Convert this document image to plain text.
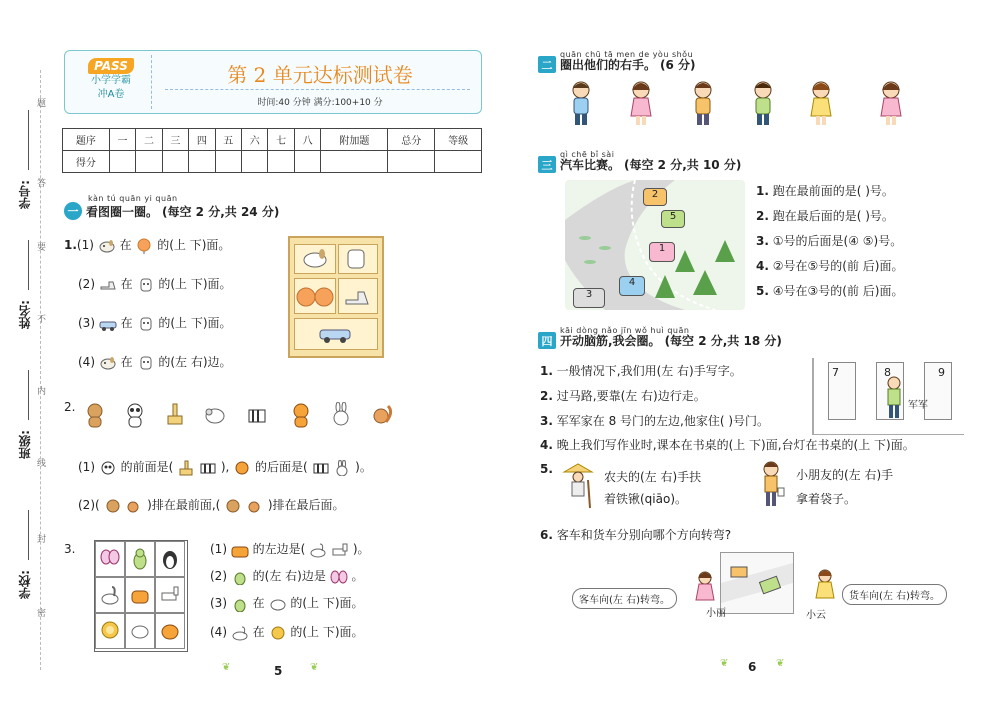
学校:
班级:
姓名:
学号:
题
答
要
不
内
线
封
密
PASS
小学学霸
冲A卷
第 2 单元达标测试卷
时间:40 分钟 满分:100+10 分
题序	一	二	三	四	五	六	七	八	附加题	总分	等级
得分											
kàn tú quān yi quān
一 看图圈一圈。 (每空 2 分,共 24 分)
1.(1) 在 的(上 下)面。
(2) 在 的(上 下)面。
(3) 在 的(上 下)面。
(4) 在 的(左 右)边。
2.
(1) 的前面是(	), 的后面是(	)。
(2)(	)排在最前面,(	)排在最后面。
3.	(1) 的左边是(	)。
(2) 的(左 右)边是 。
(3) 在 的(上 下)面。
(4) 在 的(上 下)面。
❦	5	❦
quān chū tā men de yòu shǒu
二 圈出他们的右手。 (6 分)
qì chē bǐ sài
三 汽车比赛。 (每空 2 分,共 10 分)
2
5
1
4
3
1. 跑在最前面的是( )号。
2. 跑在最后面的是( )号。
3. ①号的后面是(④ ⑤)号。
4. ②号在⑤号的(前 后)面。
5. ④号在③号的(前 后)面。
kāi dòng nǎo jīn wǒ huì quān
四 开动脑筋,我会圈。 (每空 2 分,共 18 分)
1. 一般情况下,我们用(左 右)手写字。
2. 过马路,要靠(左 右)边行走。
3. 军军家在 8 号门的左边,他家住( )号门。
4. 晚上我们写作业时,课本在书桌的(上 下)面,台灯在书桌的(上 下)面。
7	8	9
军军
5.
农夫的(左 右)手扶
着铁锹(qiāo)。
小朋友的(左 右)手
拿着袋子。
6. 客车和货车分别向哪个方向转弯?
客车向(左 右)转弯。	货车向(左 右)转弯。
小丽	小云
❦ 6 ❦
